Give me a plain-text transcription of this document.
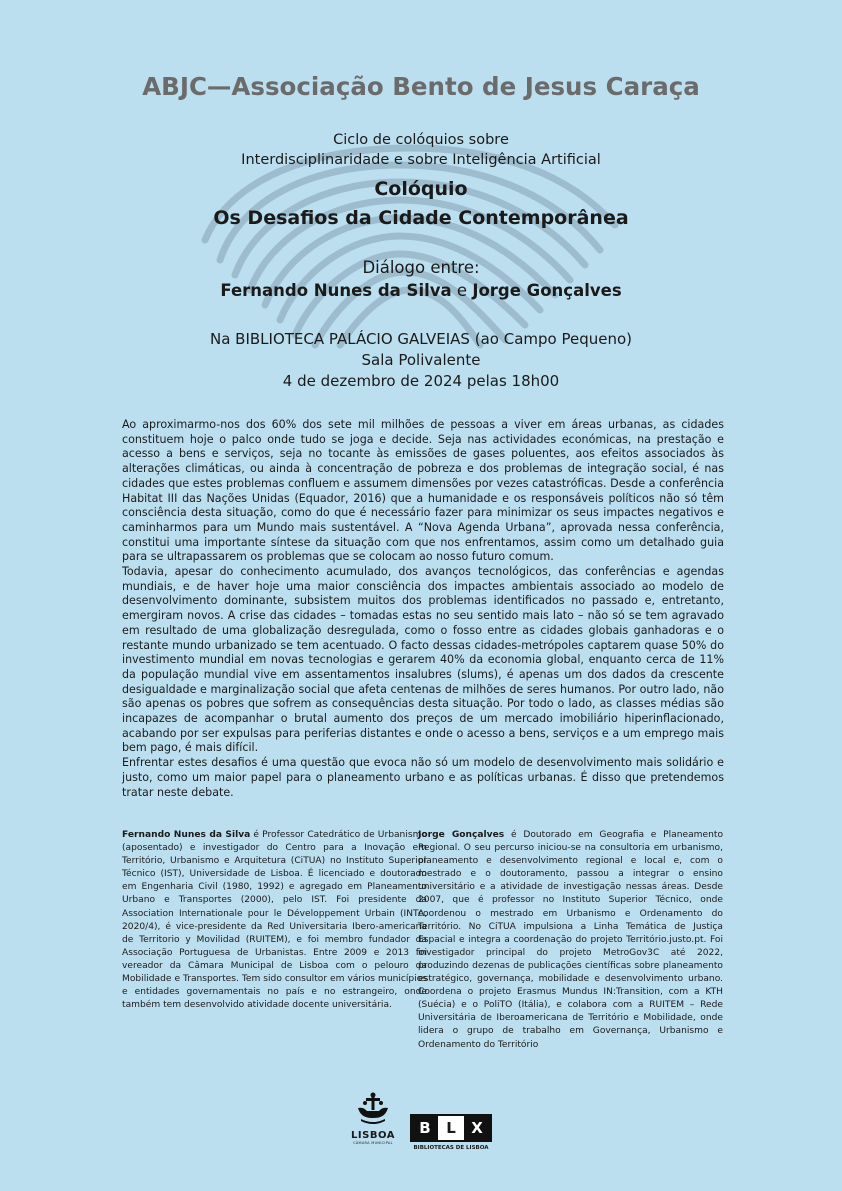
ABJC—Associação Bento de Jesus Caraça
Ciclo de colóquios sobre
Interdisciplinaridade e sobre Inteligência Artificial
Colóquio
Os Desafios da Cidade Contemporânea
Diálogo entre:
Fernando Nunes da Silva e Jorge Gonçalves
Na BIBLIOTECA PALÁCIO GALVEIAS (ao Campo Pequeno)
Sala Polivalente
4 de dezembro de 2024 pelas 18h00

Ao aproximarmo-nos dos 60% dos sete mil milhões de pessoas a viver em áreas urbanas, as cidades constituem hoje o palco onde tudo se joga e decide. Seja nas actividades económicas, na prestação e acesso a bens e serviços, seja no tocante às emissões de gases poluentes, aos efeitos associados às alterações climáticas, ou ainda à concentração de pobreza e dos problemas de integração social, é nas cidades que estes problemas confluem e assumem dimensões por vezes catastróficas. Desde a conferência Habitat III das Nações Unidas (Equador, 2016) que a humanidade e os responsáveis políticos não só têm consciência desta situação, como do que é necessário fazer para minimizar os seus impactes negativos e caminharmos para um Mundo mais sustentável. A “Nova Agenda Urbana”, aprovada nessa conferência, constitui uma importante síntese da situação com que nos enfrentamos, assim como um detalhado guia para se ultrapassarem os problemas que se colocam ao nosso futuro comum.

Todavia, apesar do conhecimento acumulado, dos avanços tecnológicos, das conferências e agendas mundiais, e de haver hoje uma maior consciência dos impactes ambientais associado ao modelo de desenvolvimento dominante, subsistem muitos dos problemas identificados no passado e, entretanto, emergiram novos. A crise das cidades – tomadas estas no seu sentido mais lato – não só se tem agravado em resultado de uma globalização desregulada, como o fosso entre as cidades globais ganhadoras e o restante mundo urbanizado se tem acentuado. O facto dessas cidades-metrópoles captarem quase 50% do investimento mundial em novas tecnologias e gerarem 40% da economia global, enquanto cerca de 11% da população mundial vive em assentamentos insalubres (slums), é apenas um dos dados da crescente desigualdade e marginalização social que afeta centenas de milhões de seres humanos. Por outro lado, não são apenas os pobres que sofrem as consequências desta situação. Por todo o lado, as classes médias são incapazes de acompanhar o brutal aumento dos preços de um mercado imobiliário hiperinflacionado, acabando por ser expulsas para periferias distantes e onde o acesso a bens, serviços e a um emprego mais bem pago, é mais difícil.

Enfrentar estes desafios é uma questão que evoca não só um modelo de desenvolvimento mais solidário e justo, como um maior papel para o planeamento urbano e as políticas urbanas. É disso que pretendemos tratar neste debate.

Fernando Nunes da Silva é Professor Catedrático de Urbanismo (aposentado) e investigador do Centro para a Inovação em Território, Urbanismo e Arquitetura (CiTUA) no Instituto Superior Técnico (IST), Universidade de Lisboa. É licenciado e doutorado em Engenharia Civil (1980, 1992) e agregado em Planeamento Urbano e Transportes (2000), pelo IST. Foi presidente da Association Internationale pour le Développement Urbain (INTA, 2020/4), é vice-presidente da Red Universitaria Ibero-americana de Territorio y Movilidad (RUITEM), e foi membro fundador da Associação Portuguesa de Urbanistas. Entre 2009 e 2013 foi vereador da Câmara Municipal de Lisboa com o pelouro da Mobilidade e Transportes. Tem sido consultor em vários municípios e entidades governamentais no país e no estrangeiro, onde também tem desenvolvido atividade docente universitária.

Jorge Gonçalves é Doutorado em Geografia e Planeamento Regional. O seu percurso iniciou-se na consultoria em urbanismo, planeamento e desenvolvimento regional e local e, com o mestrado e o doutoramento, passou a integrar o ensino universitário e a atividade de investigação nessas áreas. Desde 2007, que é professor no Instituto Superior Técnico, onde coordenou o mestrado em Urbanismo e Ordenamento do Território. No CiTUA impulsiona a Linha Temática de Justiça Espacial e integra a coordenação do projeto Território.justo.pt. Foi investigador principal do projeto MetroGov3C até 2022, produzindo dezenas de publicações científicas sobre planeamento estratégico, governança, mobilidade e desenvolvimento urbano. Coordena o projeto Erasmus Mundus IN:Transition, com a KTH (Suécia) e o PoliTO (Itália), e colabora com a RUITEM – Rede Universitária de Iberoamericana de Território e Mobilidade, onde lidera o grupo de trabalho em Governança, Urbanismo e Ordenamento do Território

LISBOA
CÂMARA MUNICIPAL
B	L	X
BIBLIOTECAS DE LISBOA
